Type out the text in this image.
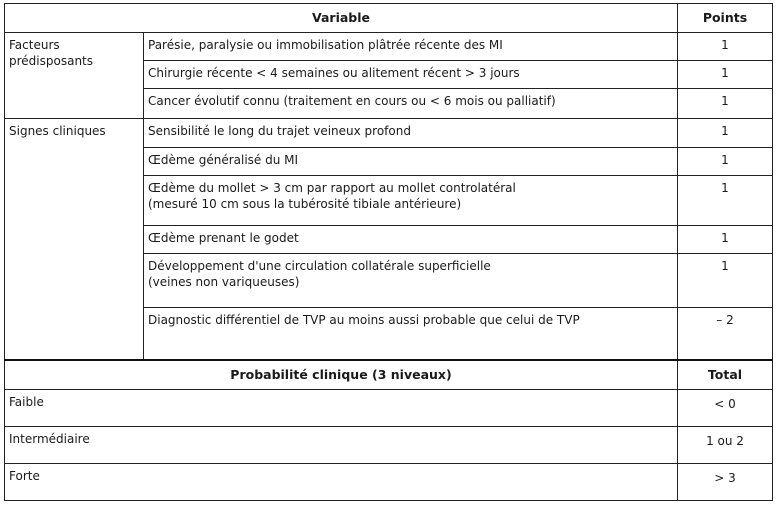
Variable		Points
Facteurs prédisposants	Parésie, paralysie ou immobilisation plâtrée récente des MI	1

	Chirurgie récente < 4 semaines ou alitement récent > 3 jours	1

	Cancer évolutif connu (traitement en cours ou < 6 mois ou palliatif)	1
Signes cliniques	Sensibilité le long du trajet veineux profond	1

	Œdème généralisé du MI	1

	Œdème du mollet > 3 cm par rapport au mollet controlatéral
(mesuré 10 cm sous la tubérosité tibiale antérieure)	1

	Œdème prenant le godet	1

	Développement d'une circulation collatérale superficielle
(veines non variqueuses)	1

	Diagnostic différentiel de TVP au moins aussi probable que celui de TVP	– 2
Probabilité clinique (3 niveaux)		Total
Faible		< 0
Intermédiaire		1 ou 2
Forte		> 3
